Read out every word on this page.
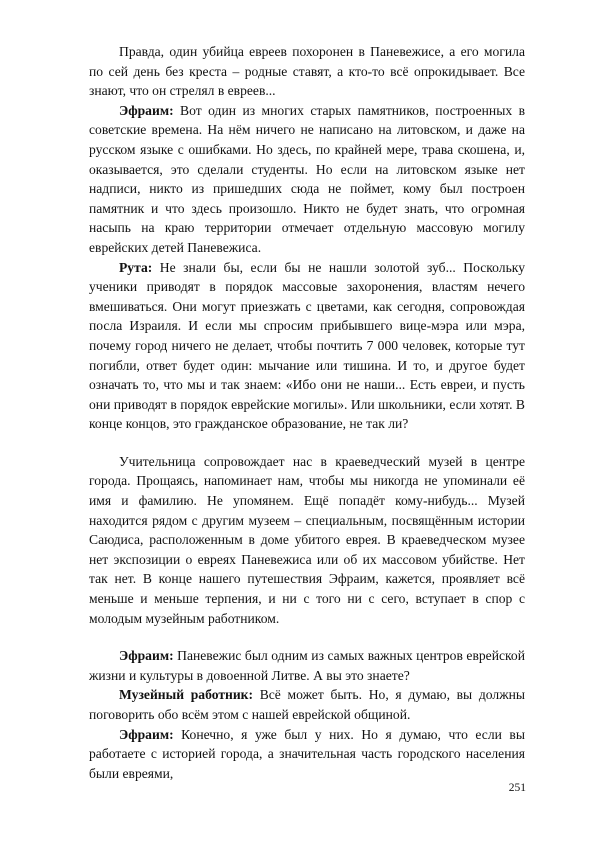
Правда, один убийца евреев похоронен в Паневежисе, а его могила по сей день без креста – родные ставят, а кто-то всё опрокидывает. Все знают, что он стрелял в евреев...

Эфраим: Вот один из многих старых памятников, построенных в советские времена. На нём ничего не написано на литовском, и даже на русском языке с ошибками. Но здесь, по крайней мере, трава скошена, и, оказывается, это сделали студенты. Но если на литовском языке нет надписи, никто из пришедших сюда не поймет, кому был построен памятник и что здесь произошло. Никто не будет знать, что огромная насыпь на краю территории отмечает отдельную массовую могилу еврейских детей Паневежиса.

Рута: Не знали бы, если бы не нашли золотой зуб... Поскольку ученики приводят в порядок массовые захоронения, властям нечего вмешиваться. Они могут приезжать с цветами, как сегодня, сопровождая посла Израиля. И если мы спросим прибывшего вице-мэра или мэра, почему город ничего не делает, чтобы почтить 7 000 человек, которые тут погибли, ответ будет один: мычание или тишина. И то, и другое будет означать то, что мы и так знаем: «Ибо они не наши... Есть евреи, и пусть они приводят в порядок еврейские могилы». Или школьники, если хотят. В конце концов, это гражданское образование, не так ли?

Учительница сопровождает нас в краеведческий музей в центре города. Прощаясь, напоминает нам, чтобы мы никогда не упоминали её имя и фамилию. Не упомянем. Ещё попадёт кому-нибудь... Музей находится рядом с другим музеем – специальным, посвящённым истории Саюдиса, расположенным в доме убитого еврея. В краеведческом музее нет экспозиции о евреях Паневежиса или об их массовом убийстве. Нет так нет. В конце нашего путешествия Эфраим, кажется, проявляет всё меньше и меньше терпения, и ни с того ни с сего, вступает в спор с молодым музейным работником.

Эфраим: Паневежис был одним из самых важных центров еврейской жизни и культуры в довоенной Литве. А вы это знаете?

Музейный работник: Всё может быть. Но, я думаю, вы должны поговорить обо всём этом с нашей еврейской общиной.

Эфраим: Конечно, я уже был у них. Но я думаю, что если вы работаете с историей города, а значительная часть городского населения были евреями,

251
